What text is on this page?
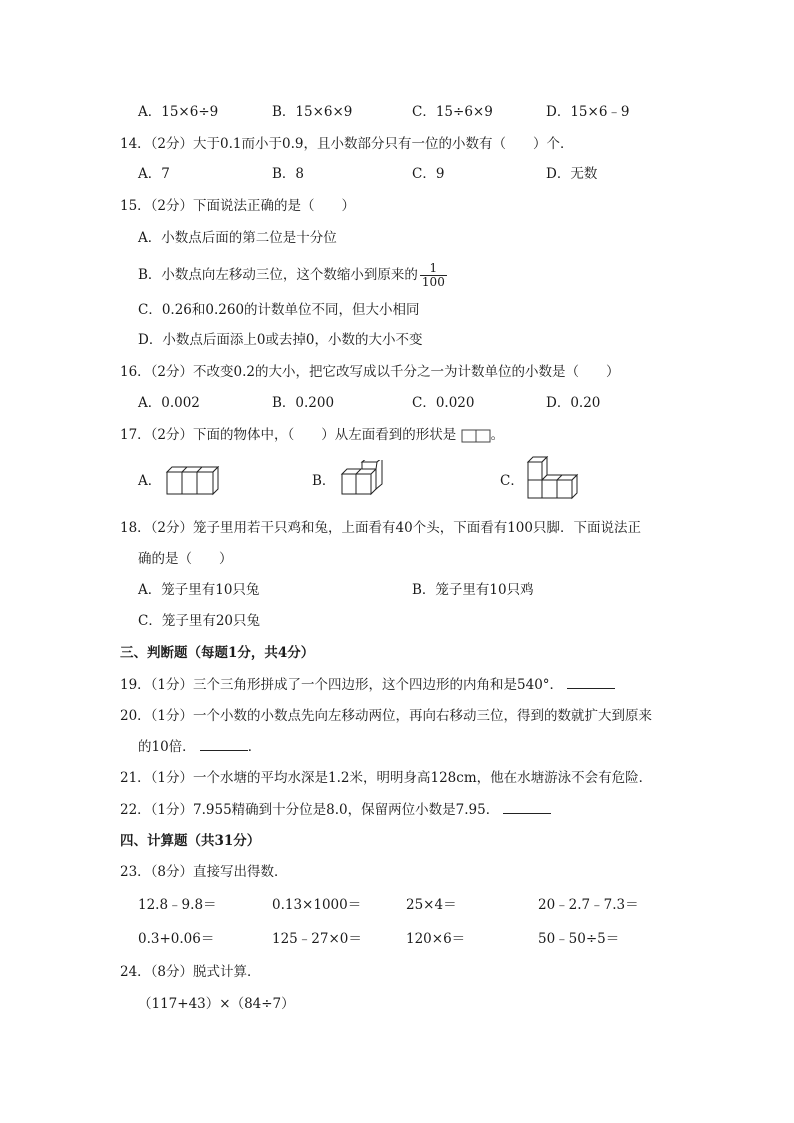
A．15×6÷9	B．15×6×9	C．15÷6×9	D．15×6﹣9
14．（2分）大于0.1而小于0.9，且小数部分只有一位的小数有（　　）个．
A．7	B．8	C．9	D．无数
15．（2分）下面说法正确的是（　　）
A．小数点后面的第二位是十分位
B．小数点向左移动三位，这个数缩小到原来的 $\frac{1}{100}$
C．0.26和0.260的计数单位不同，但大小相同
D．小数点后面添上0或去掉0，小数的大小不变
16．（2分）不改变0.2的大小，把它改写成以千分之一为计数单位的小数是（　　）
A．0.002	B．0.200	C．0.020	D．0.20
17．（2分）下面的物体中，（　　）从左面看到的形状是	。
A．	B．	C．
18．（2分）笼子里用若干只鸡和兔，上面看有40个头，下面看有100只脚．下面说法正
确的是（　　）
A．笼子里有10只兔	B．笼子里有10只鸡
C．笼子里有20只兔
三、判断题（每题1分，共4分）
19．（1分）三个三角形拼成了一个四边形，这个四边形的内角和是540°．
20．（1分）一个小数的小数点先向左移动两位，再向右移动三位，得到的数就扩大到原来
的10倍．	．
21．（1分）一个水塘的平均水深是1.2米，明明身高128cm，他在水塘游泳不会有危险．
22．（1分）7.955精确到十分位是8.0，保留两位小数是7.95．
四、计算题（共31分）
23．（8分）直接写出得数．
12.8﹣9.8＝	0.13×1000＝	25×4＝	20﹣2.7﹣7.3＝
0.3+0.06＝	125﹣27×0＝	120×6＝	50﹣50÷5＝
24．（8分）脱式计算．
（117+43）×（84÷7）
